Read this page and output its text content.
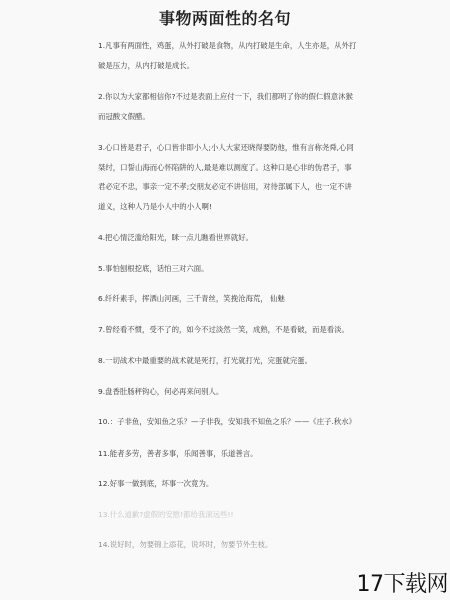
事物两面性的名句

1.凡事有两面性，鸡蛋，从外打破是食物，从内打破是生命，人生亦是，从外打破是压力，从内打破是成长。

2.你以为大家都相信你?不过是表面上应付一下，我们都明了你的假仁假意沐猴而冠酸文假醋。

3.心口皆是君子，心口皆非即小人;小人大家还晓得要防他，惟有言称尧舜,心同桀纣，口誓山海而心怀陷阱的人,最是难以测度了。这种口是心非的伪君子，事君必定不忠，事亲一定不孝;交朋友必定不讲信用，对待部属下人，也一定不讲道义，这种人乃是小人中的小人啊!

4.把心情泛滥给阳光，眯一点儿瞧看世界就好。

5.事怕刨根挖底，话怕三对六面。

6.纤纤素手，挥洒山河画，三千青丝，笑挽沧海荒， 仙魅

7.曾经看不惯，受不了的，如今不过淡然一笑，成熟，不是看破，而是看淡。

8.一切战术中最重要的战术就是死打，打光就打光，完蛋就完蛋。

9.盘香肚肠秤钩心，何必再来问别人。

10.：子非鱼，安知鱼之乐？—子非我，安知我不知鱼之乐？——《庄子.秋水》

11.能者多劳，善者多事，乐闻善事，乐道善言。

12.好事一做到底，坏事一次竟为。

13.什么道歉?虚假的安慰!都给我滚远些!!

14.说好时，勿要锦上添花，说坏时，勿要节外生枝。

17下载网
